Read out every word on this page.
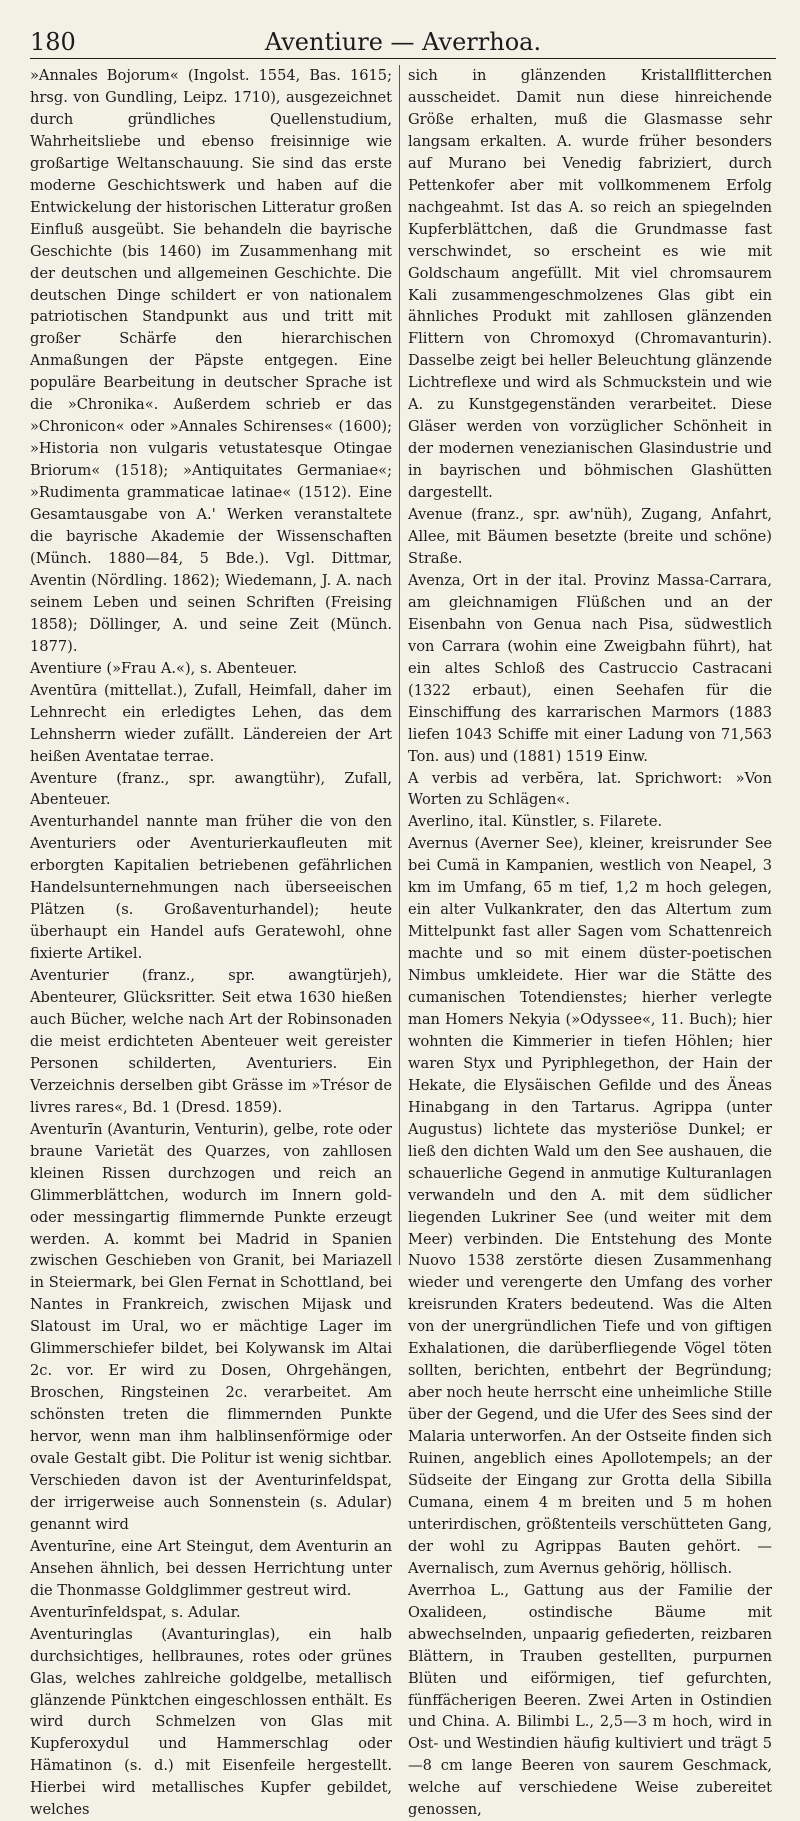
180	Aventiure — Averrhoa.

»Annales Bojorum« (Ingolst. 1554, Bas. 1615; hrsg. von Gundling, Leipz. 1710), ausgezeichnet durch gründliches Quellenstudium, Wahrheitsliebe und ebenso freisinnige wie großartige Weltanschauung. Sie sind das erste moderne Geschichtswerk und haben auf die Entwickelung der historischen Litteratur großen Einfluß ausgeübt. Sie behandeln die bayrische Geschichte (bis 1460) im Zusammenhang mit der deutschen und allgemeinen Geschichte. Die deutschen Dinge schildert er von nationalem patriotischen Standpunkt aus und tritt mit großer Schärfe den hierarchischen Anmaßungen der Päpste entgegen. Eine populäre Bearbeitung in deutscher Sprache ist die »Chronika«. Außerdem schrieb er das »Chronicon« oder »Annales Schirenses« (1600); »Historia non vulgaris vetustatesque Otingae Briorum« (1518); »Antiquitates Germaniae«; »Rudimenta grammaticae latinae« (1512). Eine Gesamtausgabe von A.' Werken veranstaltete die bayrische Akademie der Wissenschaften (Münch. 1880—84, 5 Bde.). Vgl. Dittmar, Aventin (Nördling. 1862); Wiedemann, J. A. nach seinem Leben und seinen Schriften (Freising 1858); Döllinger, A. und seine Zeit (Münch. 1877).

Aventiure (»Frau A.«), s. Abenteuer.

Aventūra (mittellat.), Zufall, Heimfall, daher im Lehnrecht ein erledigtes Lehen, das dem Lehnsherrn wieder zufällt. Ländereien der Art heißen Aventatae terrae.

Aventure (franz., spr. awangtühr), Zufall, Abenteuer.

Aventurhandel nannte man früher die von den Aventuriers oder Aventurierkaufleuten mit erborgten Kapitalien betriebenen gefährlichen Handelsunternehmungen nach überseeischen Plätzen (s. Großaventurhandel); heute überhaupt ein Handel aufs Geratewohl, ohne fixierte Artikel.

Aventurier (franz., spr. awangtürjeh), Abenteurer, Glücksritter. Seit etwa 1630 hießen auch Bücher, welche nach Art der Robinsonaden die meist erdichteten Abenteuer weit gereister Personen schilderten, Aventuriers. Ein Verzeichnis derselben gibt Grässe im »Trésor de livres rares«, Bd. 1 (Dresd. 1859).

Aventurīn (Avanturin, Venturin), gelbe, rote oder braune Varietät des Quarzes, von zahllosen kleinen Rissen durchzogen und reich an Glimmerblättchen, wodurch im Innern gold- oder messingartig flimmernde Punkte erzeugt werden. A. kommt bei Madrid in Spanien zwischen Geschieben von Granit, bei Mariazell in Steiermark, bei Glen Fernat in Schottland, bei Nantes in Frankreich, zwischen Mijask und Slatoust im Ural, wo er mächtige Lager im Glimmerschiefer bildet, bei Kolywansk im Altai 2c. vor. Er wird zu Dosen, Ohrgehängen, Broschen, Ringsteinen 2c. verarbeitet. Am schönsten treten die flimmernden Punkte hervor, wenn man ihm halblinsenförmige oder ovale Gestalt gibt. Die Politur ist wenig sichtbar. Verschieden davon ist der Aventurinfeldspat, der irrigerweise auch Sonnenstein (s. Adular) genannt wird

Aventurīne, eine Art Steingut, dem Aventurin an Ansehen ähnlich, bei dessen Herrichtung unter die Thonmasse Goldglimmer gestreut wird.

Aventurīnfeldspat, s. Adular.

Aventuringlas (Avanturinglas), ein halb durchsichtiges, hellbraunes, rotes oder grünes Glas, welches zahlreiche goldgelbe, metallisch glänzende Pünktchen eingeschlossen enthält. Es wird durch Schmelzen von Glas mit Kupferoxydul und Hammerschlag oder Hämatinon (s. d.) mit Eisenfeile hergestellt. Hierbei wird metallisches Kupfer gebildet, welches

sich in glänzenden Kristallflitterchen ausscheidet. Damit nun diese hinreichende Größe erhalten, muß die Glasmasse sehr langsam erkalten. A. wurde früher besonders auf Murano bei Venedig fabriziert, durch Pettenkofer aber mit vollkommenem Erfolg nachgeahmt. Ist das A. so reich an spiegelnden Kupferblättchen, daß die Grundmasse fast verschwindet, so erscheint es wie mit Goldschaum angefüllt. Mit viel chromsaurem Kali zusammengeschmolzenes Glas gibt ein ähnliches Produkt mit zahllosen glänzenden Flittern von Chromoxyd (Chromavanturin). Dasselbe zeigt bei heller Beleuchtung glänzende Lichtreflexe und wird als Schmuckstein und wie A. zu Kunstgegenständen verarbeitet. Diese Gläser werden von vorzüglicher Schönheit in der modernen venezianischen Glasindustrie und in bayrischen und böhmischen Glashütten dargestellt.

Avenue (franz., spr. aw'nüh), Zugang, Anfahrt, Allee, mit Bäumen besetzte (breite und schöne) Straße.

Avenza, Ort in der ital. Provinz Massa-Carrara, am gleichnamigen Flüßchen und an der Eisenbahn von Genua nach Pisa, südwestlich von Carrara (wohin eine Zweigbahn führt), hat ein altes Schloß des Castruccio Castracani (1322 erbaut), einen Seehafen für die Einschiffung des karrarischen Marmors (1883 liefen 1043 Schiffe mit einer Ladung von 71,563 Ton. aus) und (1881) 1519 Einw.

A verbis ad verbĕra, lat. Sprichwort: »Von Worten zu Schlägen«.

Averlino, ital. Künstler, s. Filarete.

Avernus (Averner See), kleiner, kreisrunder See bei Cumä in Kampanien, westlich von Neapel, 3 km im Umfang, 65 m tief, 1,2 m hoch gelegen, ein alter Vulkankrater, den das Altertum zum Mittelpunkt fast aller Sagen vom Schattenreich machte und so mit einem düster-poetischen Nimbus umkleidete. Hier war die Stätte des cumanischen Totendienstes; hierher verlegte man Homers Nekyia (»Odyssee«, 11. Buch); hier wohnten die Kimmerier in tiefen Höhlen; hier waren Styx und Pyriphlegethon, der Hain der Hekate, die Elysäischen Gefilde und des Äneas Hinabgang in den Tartarus. Agrippa (unter Augustus) lichtete das mysteriöse Dunkel; er ließ den dichten Wald um den See aushauen, die schauerliche Gegend in anmutige Kulturanlagen verwandeln und den A. mit dem südlicher liegenden Lukriner See (und weiter mit dem Meer) verbinden. Die Entstehung des Monte Nuovo 1538 zerstörte diesen Zusammenhang wieder und verengerte den Umfang des vorher kreisrunden Kraters bedeutend. Was die Alten von der unergründlichen Tiefe und von giftigen Exhalationen, die darüberfliegende Vögel töten sollten, berichten, entbehrt der Begründung; aber noch heute herrscht eine unheimliche Stille über der Gegend, und die Ufer des Sees sind der Malaria unterworfen. An der Ostseite finden sich Ruinen, angeblich eines Apollotempels; an der Südseite der Eingang zur Grotta della Sibilla Cumana, einem 4 m breiten und 5 m hohen unterirdischen, größtenteils verschütteten Gang, der wohl zu Agrippas Bauten gehört. — Avernalisch, zum Avernus gehörig, höllisch.

Averrhoa L., Gattung aus der Familie der Oxalideen, ostindische Bäume mit abwechselnden, unpaarig gefiederten, reizbaren Blättern, in Trauben gestellten, purpurnen Blüten und eiförmigen, tief gefurchten, fünffächerigen Beeren. Zwei Arten in Ostindien und China. A. Bilimbi L., 2,5—3 m hoch, wird in Ost- und Westindien häufig kultiviert und trägt 5—8 cm lange Beeren von saurem Geschmack, welche auf verschiedene Weise zubereitet genossen,
